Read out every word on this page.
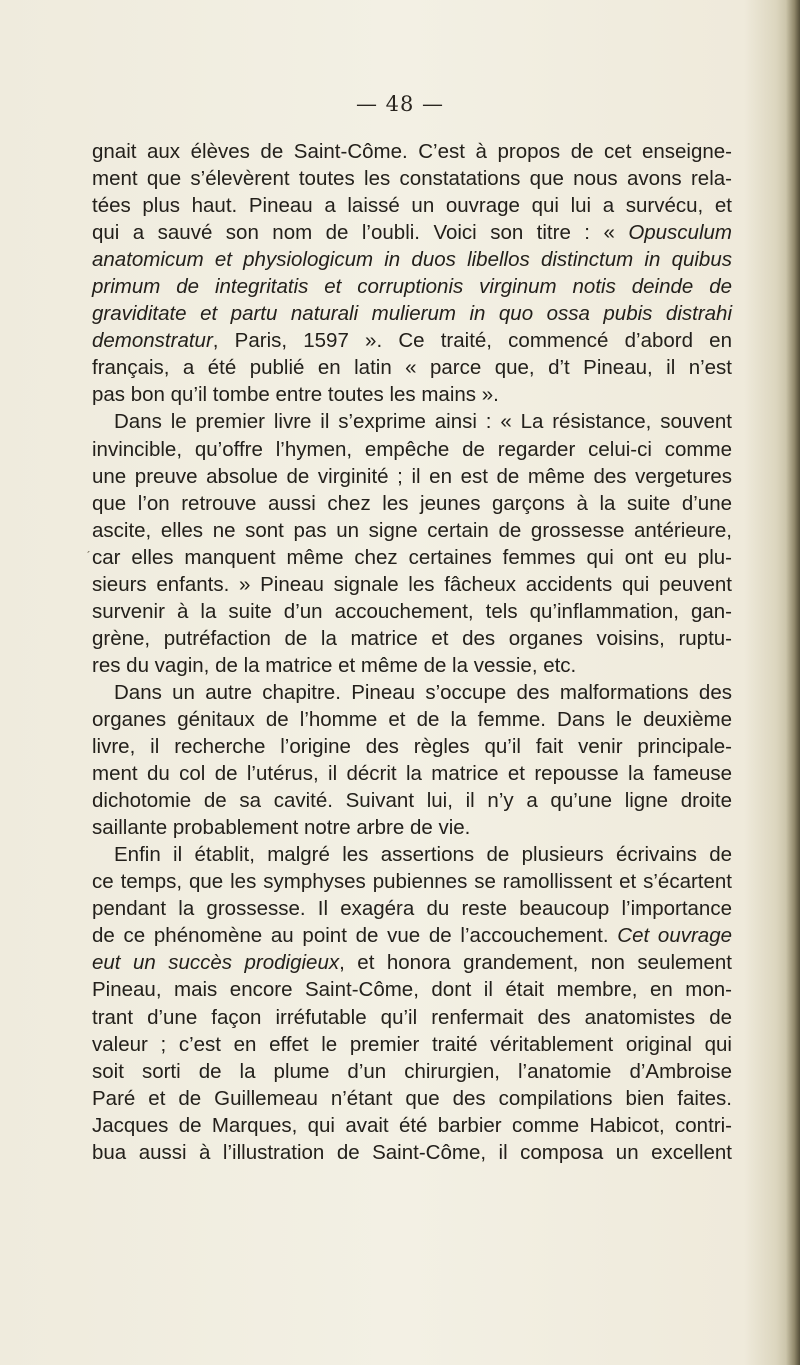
— 48 —
gnait aux élèves de Saint-Côme. C’est à propos de cet enseigne-
ment que s’élevèrent toutes les constatations que nous avons rela-
tées plus haut. Pineau a laissé un ouvrage qui lui a survécu, et
qui a sauvé son nom de l’oubli. Voici son titre : « Opusculum
anatomicum et physiologicum in duos libellos distinctum in quibus
primum de integritatis et corruptionis virginum notis deinde de
graviditate et partu naturali mulierum in quo ossa pubis distrahi
demonstratur, Paris, 1597 ». Ce traité, commencé d’abord en
français, a été publié en latin « parce que, d’t Pineau, il n’est
pas bon qu’il tombe entre toutes les mains ».
Dans le premier livre il s’exprime ainsi : « La résistance, souvent
invincible, qu’offre l’hymen, empêche de regarder celui-ci comme
une preuve absolue de virginité ; il en est de même des vergetures
que l’on retrouve aussi chez les jeunes garçons à la suite d’une
ascite, elles ne sont pas un signe certain de grossesse antérieure,
car elles manquent même chez certaines femmes qui ont eu plu-
sieurs enfants. » Pineau signale les fâcheux accidents qui peuvent
survenir à la suite d’un accouchement, tels qu’inflammation, gan-
grène, putréfaction de la matrice et des organes voisins, ruptu-
res du vagin, de la matrice et même de la vessie, etc.
Dans un autre chapitre. Pineau s’occupe des malformations des
organes génitaux de l’homme et de la femme. Dans le deuxième
livre, il recherche l’origine des règles qu’il fait venir principale-
ment du col de l’utérus, il décrit la matrice et repousse la fameuse
dichotomie de sa cavité. Suivant lui, il n’y a qu’une ligne droite
saillante probablement notre arbre de vie.
Enfin il établit, malgré les assertions de plusieurs écrivains de
ce temps, que les symphyses pubiennes se ramollissent et s’écartent
pendant la grossesse. Il exagéra du reste beaucoup l’importance
de ce phénomène au point de vue de l’accouchement. Cet ouvrage
eut un succès prodigieux, et honora grandement, non seulement
Pineau, mais encore Saint-Côme, dont il était membre, en mon-
trant d’une façon irréfutable qu’il renfermait des anatomistes de
valeur ; c’est en effet le premier traité véritablement original qui
soit sorti de la plume d’un chirurgien, l’anatomie d’Ambroise
Paré et de Guillemeau n’étant que des compilations bien faites.
Jacques de Marques, qui avait été barbier comme Habicot, contri-
bua aussi à l’illustration de Saint-Côme, il composa un excellent
ˊ
